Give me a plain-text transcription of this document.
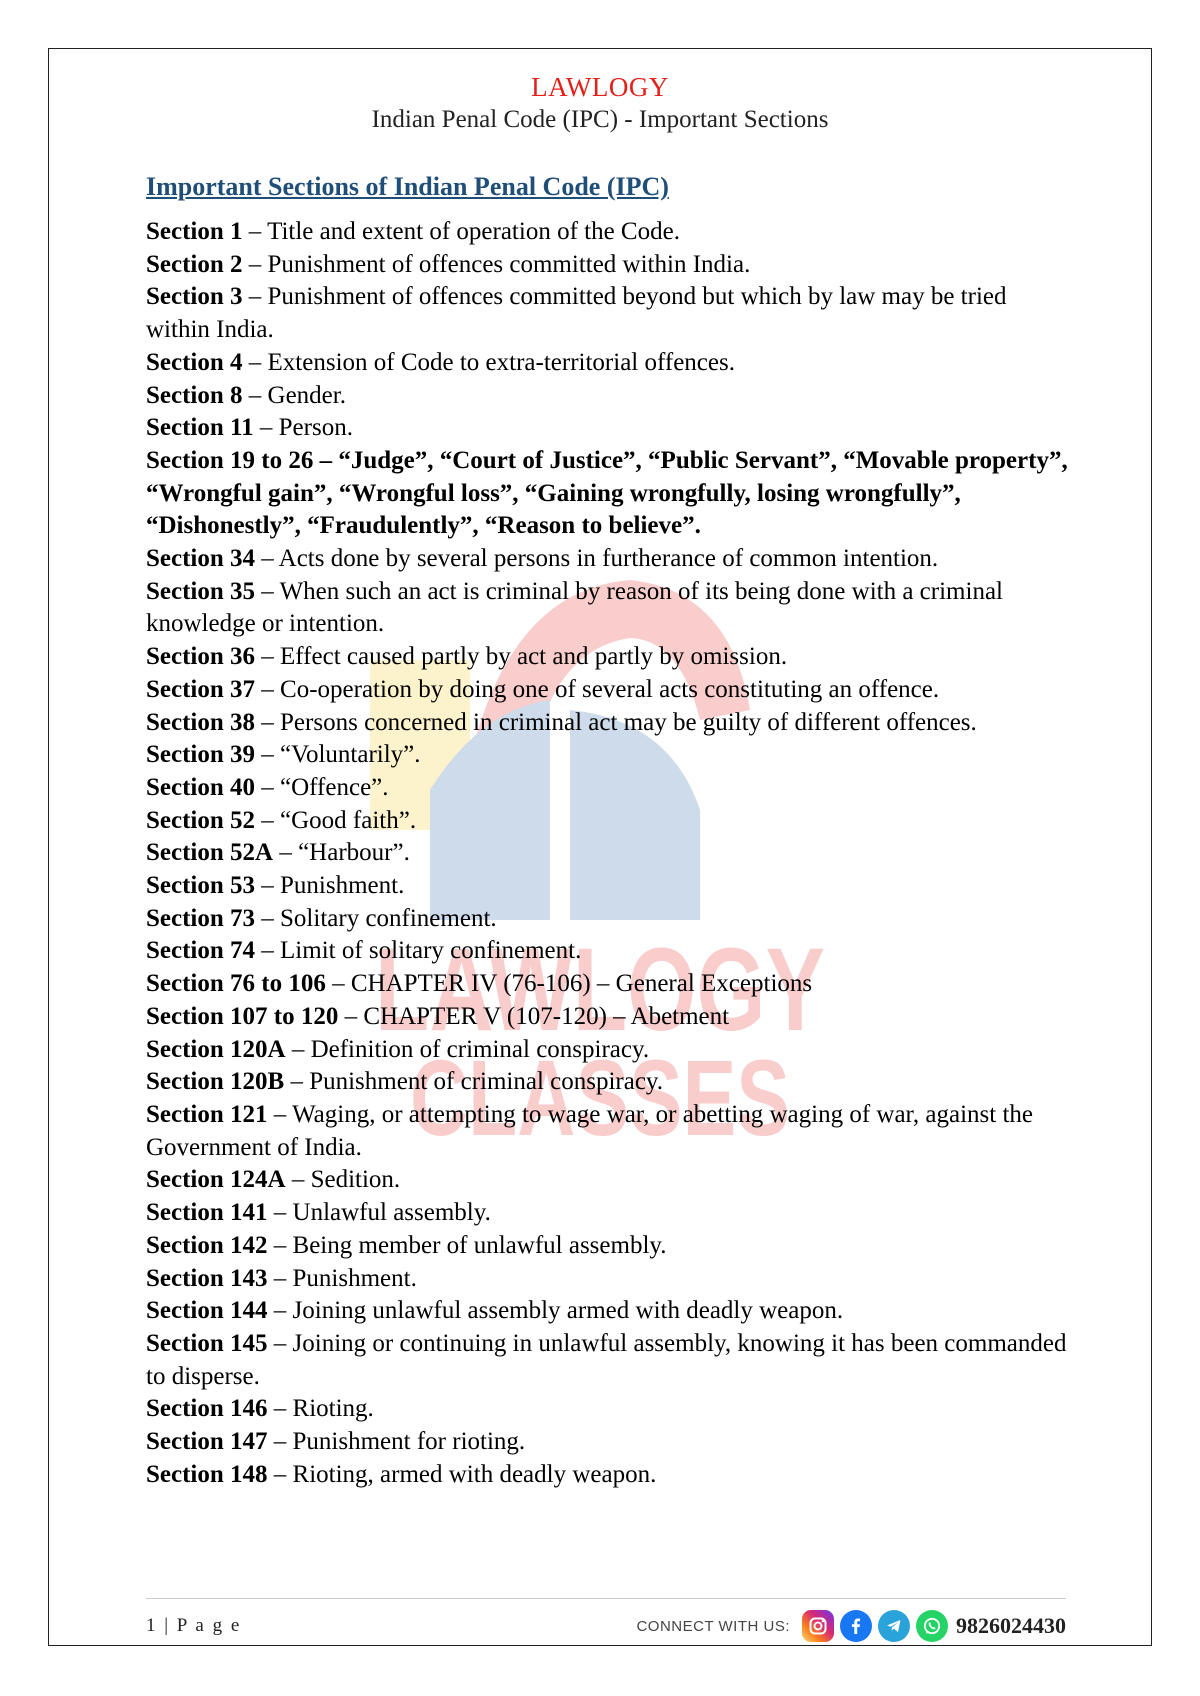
LAWLOGY
CLASSES
LAWLOGY
Indian Penal Code (IPC) - Important Sections
Important Sections of Indian Penal Code (IPC)
Section 1 – Title and extent of operation of the Code.
Section 2 – Punishment of offences committed within India.
Section 3 – Punishment of offences committed beyond but which by law may be tried within India.
Section 4 – Extension of Code to extra-territorial offences.
Section 8 – Gender.
Section 11 – Person.
Section 19 to 26 – “Judge”, “Court of Justice”, “Public Servant”, “Movable property”, “Wrongful gain”, “Wrongful loss”, “Gaining wrongfully, losing wrongfully”, “Dishonestly”, “Fraudulently”, “Reason to believe”.
Section 34 – Acts done by several persons in furtherance of common intention.
Section 35 – When such an act is criminal by reason of its being done with a criminal knowledge or intention.
Section 36 – Effect caused partly by act and partly by omission.
Section 37 – Co-operation by doing one of several acts constituting an offence.
Section 38 – Persons concerned in criminal act may be guilty of different offences.
Section 39 – “Voluntarily”.
Section 40 – “Offence”.
Section 52 – “Good faith”.
Section 52A – “Harbour”.
Section 53 – Punishment.
Section 73 – Solitary confinement.
Section 74 – Limit of solitary confinement.
Section 76 to 106 – CHAPTER IV (76-106) – General Exceptions
Section 107 to 120 – CHAPTER V (107-120) – Abetment
Section 120A – Definition of criminal conspiracy.
Section 120B – Punishment of criminal conspiracy.
Section 121 – Waging, or attempting to wage war, or abetting waging of war, against the Government of India.
Section 124A – Sedition.
Section 141 – Unlawful assembly.
Section 142 – Being member of unlawful assembly.
Section 143 – Punishment.
Section 144 – Joining unlawful assembly armed with deadly weapon.
Section 145 – Joining or continuing in unlawful assembly, knowing it has been commanded to disperse.
Section 146 – Rioting.
Section 147 – Punishment for rioting.
Section 148 – Rioting, armed with deadly weapon.
1 | P a g e	CONNECT WITH US:	9826024430
